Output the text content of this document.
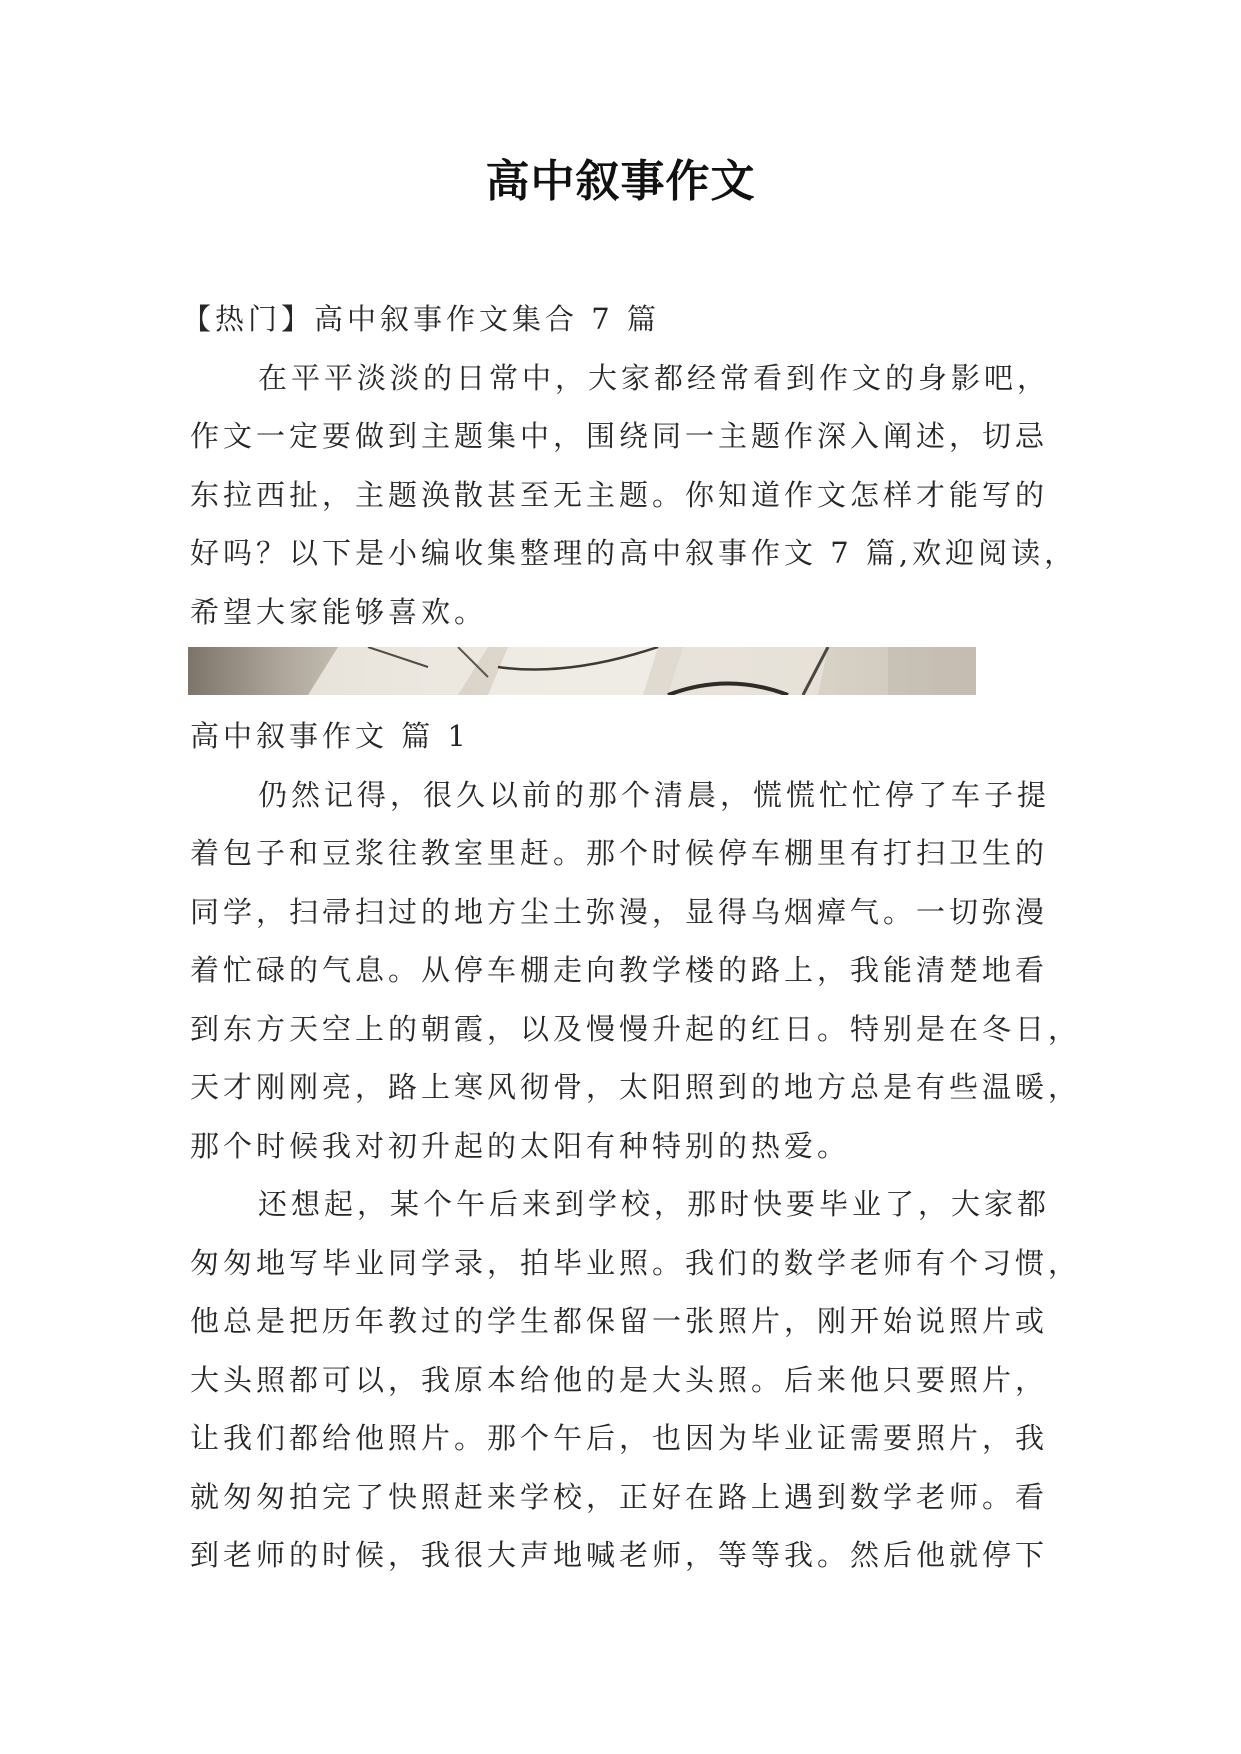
高中叙事作文

【热门】高中叙事作文集合 7 篇

在平平淡淡的日常中，大家都经常看到作文的身影吧，
作文一定要做到主题集中，围绕同一主题作深入阐述，切忌
东拉西扯，主题涣散甚至无主题。你知道作文怎样才能写的
好吗？以下是小编收集整理的高中叙事作文 7 篇,欢迎阅读，
希望大家能够喜欢。

高中叙事作文 篇 1

仍然记得，很久以前的那个清晨，慌慌忙忙停了车子提
着包子和豆浆往教室里赶。那个时候停车棚里有打扫卫生的
同学，扫帚扫过的地方尘土弥漫，显得乌烟瘴气。一切弥漫
着忙碌的气息。从停车棚走向教学楼的路上，我能清楚地看
到东方天空上的朝霞，以及慢慢升起的红日。特别是在冬日，
天才刚刚亮，路上寒风彻骨，太阳照到的地方总是有些温暖，
那个时候我对初升起的太阳有种特别的热爱。

还想起，某个午后来到学校，那时快要毕业了，大家都
匆匆地写毕业同学录，拍毕业照。我们的数学老师有个习惯，
他总是把历年教过的学生都保留一张照片，刚开始说照片或
大头照都可以，我原本给他的是大头照。后来他只要照片，
让我们都给他照片。那个午后，也因为毕业证需要照片，我
就匆匆拍完了快照赶来学校，正好在路上遇到数学老师。看
到老师的时候，我很大声地喊老师，等等我。然后他就停下
